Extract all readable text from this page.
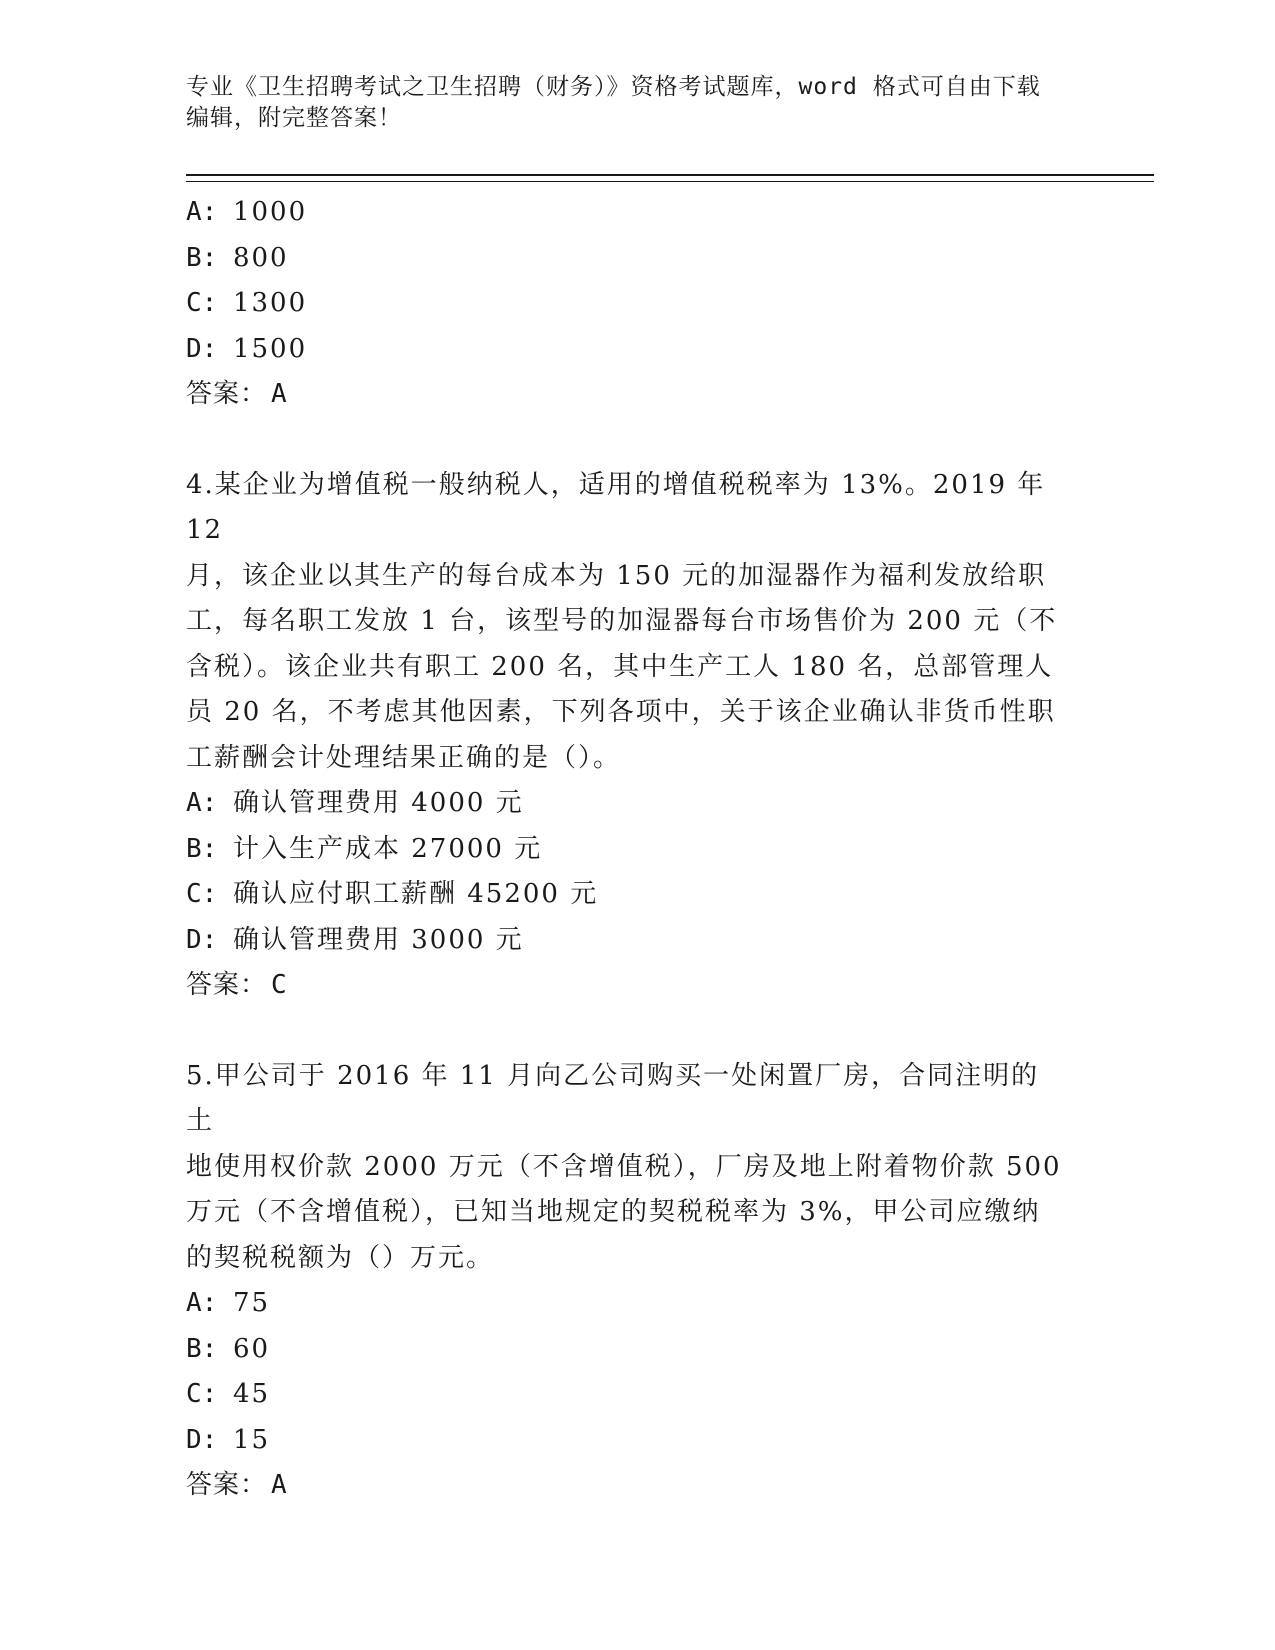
专业《卫生招聘考试之卫生招聘（财务）》资格考试题库，word 格式可自由下载
编辑，附完整答案！
A: 1000
B: 800
C: 1300
D: 1500
答案： A
4.某企业为增值税一般纳税人，适用的增值税税率为 13%。2019 年 12
月，该企业以其生产的每台成本为 150 元的加湿器作为福利发放给职
工，每名职工发放 1 台，该型号的加湿器每台市场售价为 200 元（不
含税）。该企业共有职工 200 名，其中生产工人 180 名，总部管理人
员 20 名，不考虑其他因素，下列各项中，关于该企业确认非货币性职
工薪酬会计处理结果正确的是（）。
A: 确认管理费用 4000 元
B: 计入生产成本 27000 元
C: 确认应付职工薪酬 45200 元
D: 确认管理费用 3000 元
答案： C
5.甲公司于 2016 年 11 月向乙公司购买一处闲置厂房，合同注明的土
地使用权价款 2000 万元（不含增值税），厂房及地上附着物价款 500
万元（不含增值税），已知当地规定的契税税率为 3%，甲公司应缴纳
的契税税额为（）万元。
A: 75
B: 60
C: 45
D: 15
答案： A
